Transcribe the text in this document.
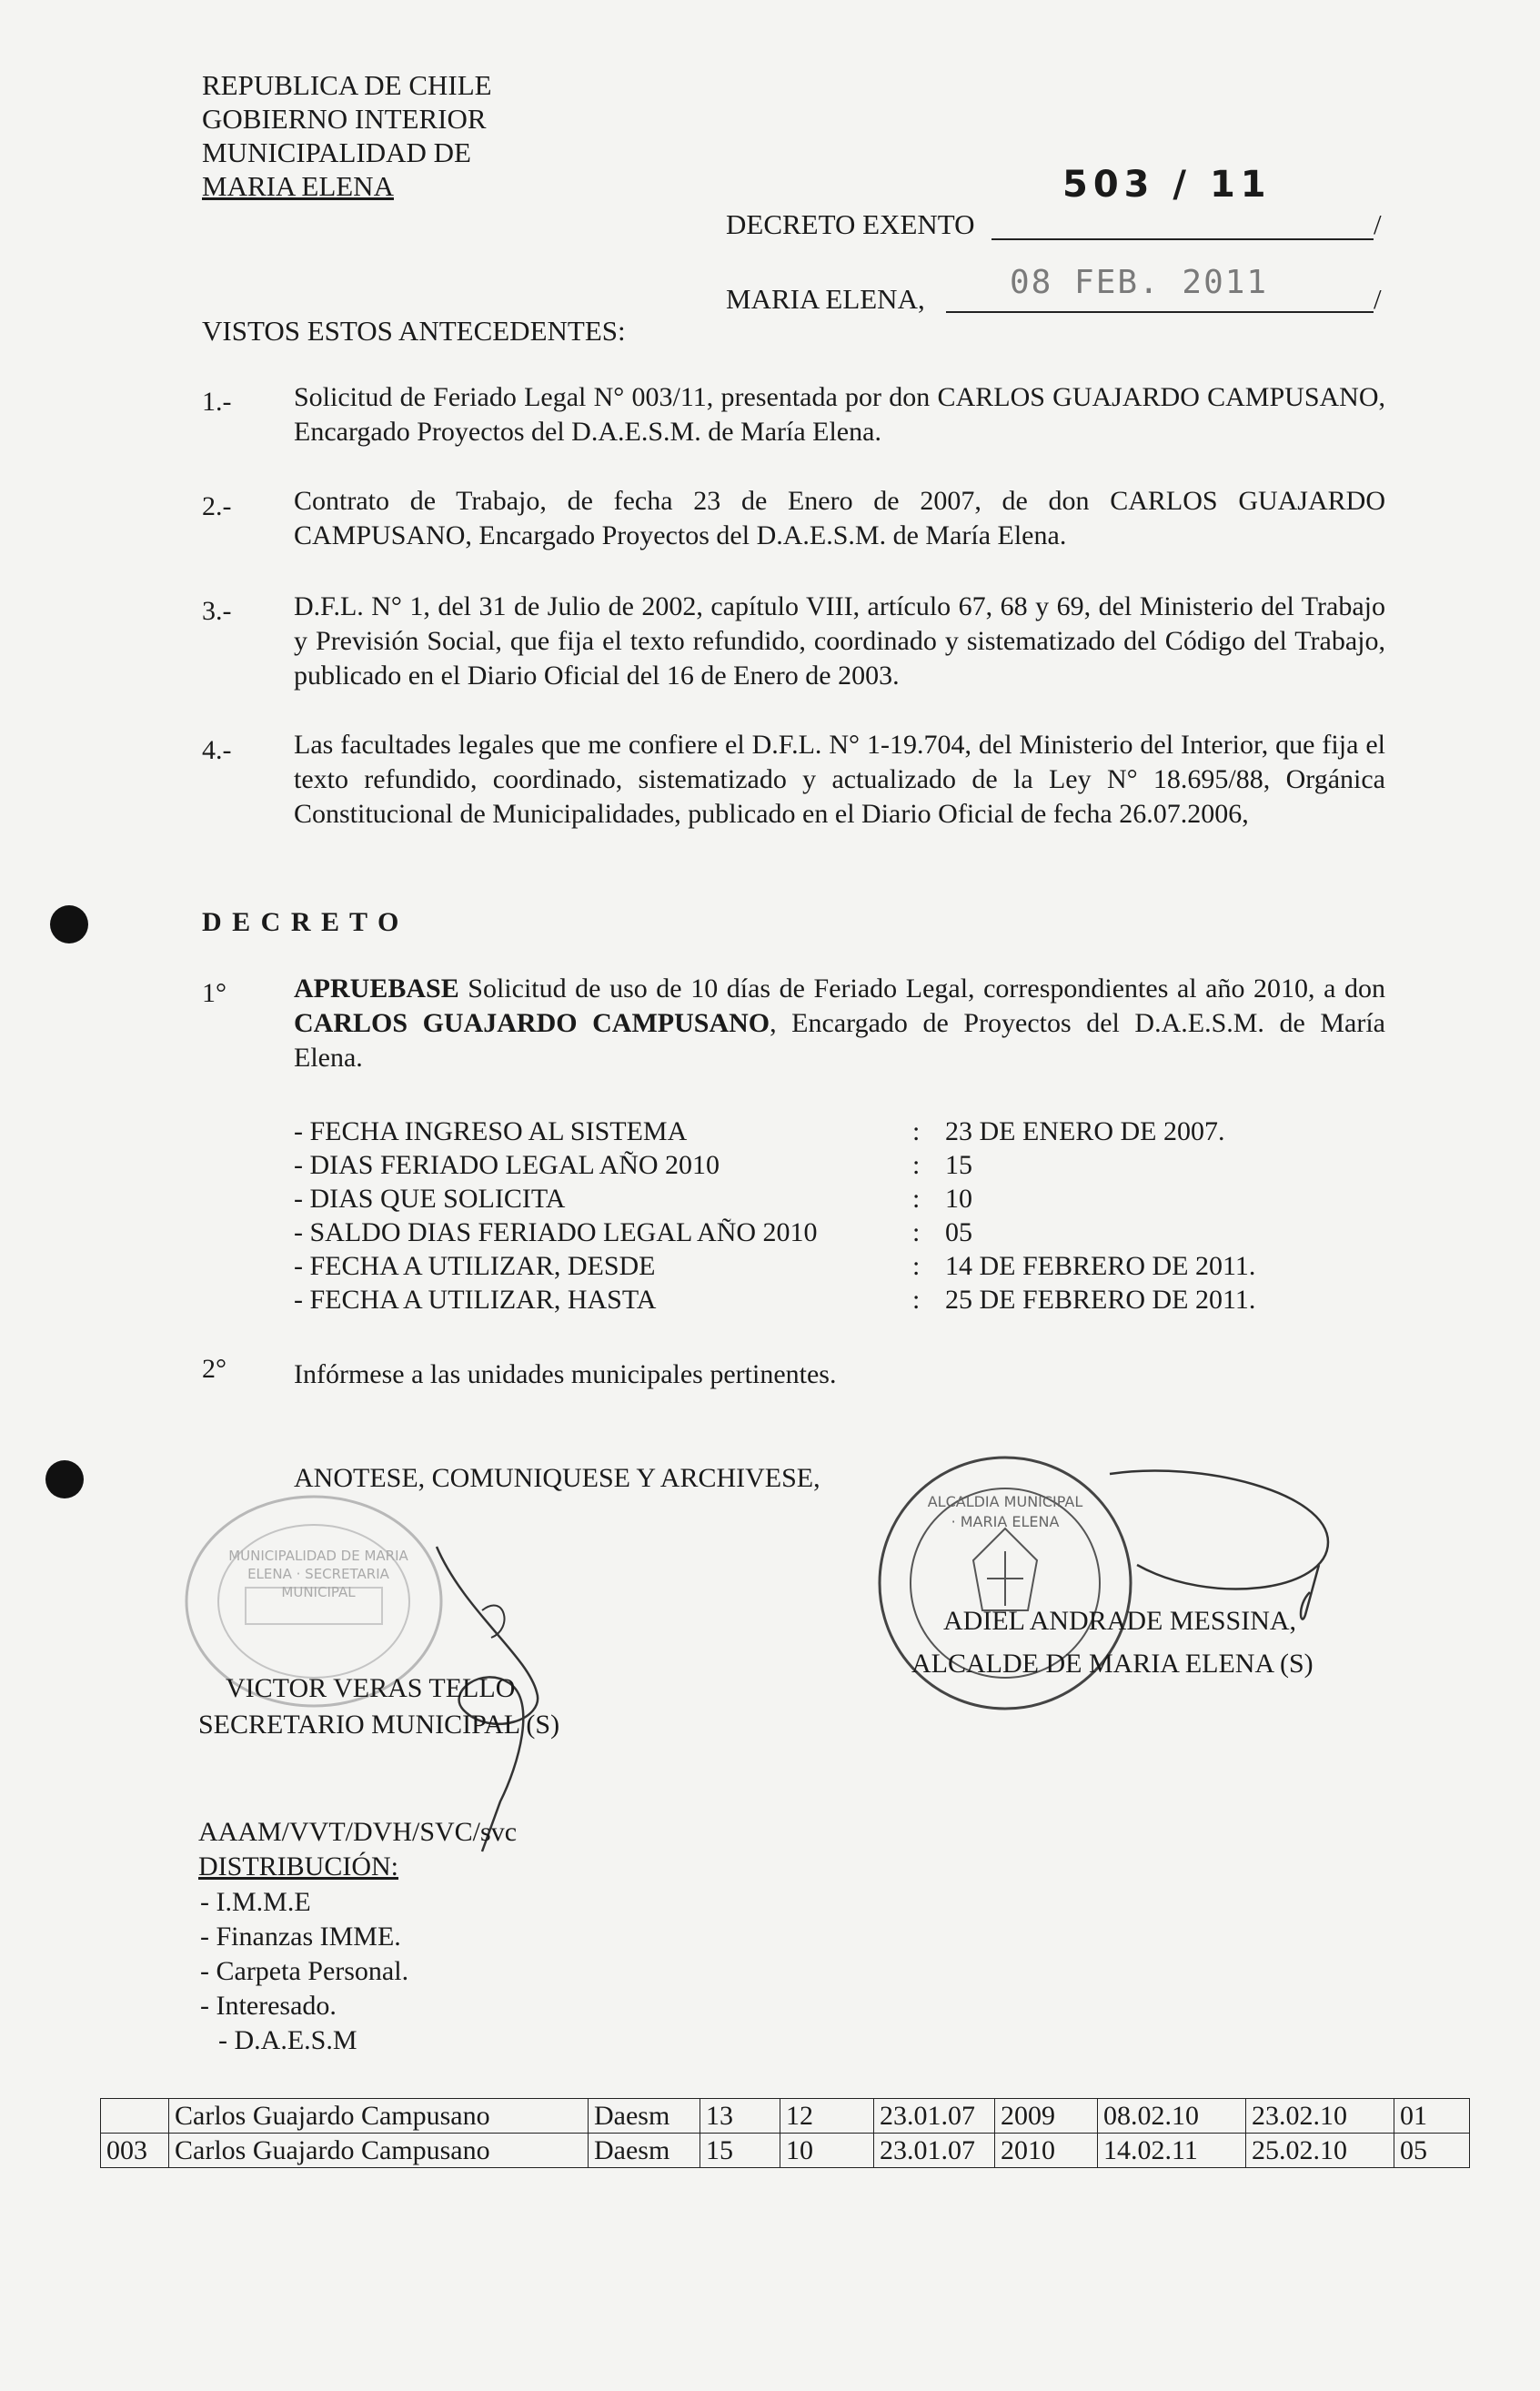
REPUBLICA DE CHILE
GOBIERNO INTERIOR
MUNICIPALIDAD DE
MARIA ELENA
DECRETO EXENTO	/
503 / 11
MARIA ELENA,	/
08 FEB. 2011
VISTOS ESTOS ANTECEDENTES:
1.- Solicitud de Feriado Legal N° 003/11, presentada por don CARLOS GUAJARDO CAMPUSANO, Encargado Proyectos del D.A.E.S.M. de María Elena.
2.- Contrato de Trabajo, de fecha 23 de Enero de 2007, de don CARLOS GUAJARDO CAMPUSANO, Encargado Proyectos del D.A.E.S.M. de María Elena.
3.- D.F.L. N° 1, del 31 de Julio de 2002, capítulo VIII, artículo 67, 68 y 69, del Ministerio del Trabajo y Previsión Social, que fija el texto refundido, coordinado y sistematizado del Código del Trabajo, publicado en el Diario Oficial del 16 de Enero de 2003.
4.- Las facultades legales que me confiere el D.F.L. N° 1-19.704, del Ministerio del Interior, que fija el texto refundido, coordinado, sistematizado y actualizado de la Ley N° 18.695/88, Orgánica Constitucional de Municipalidades, publicado en el Diario Oficial de fecha 26.07.2006,
D E C R E T O
1° APRUEBASE Solicitud de uso de 10 días de Feriado Legal, correspondientes al año 2010, a don CARLOS GUAJARDO CAMPUSANO, Encargado de Proyectos del D.A.E.S.M. de María Elena.
- FECHA INGRESO AL SISTEMA	: 23 DE ENERO DE 2007.
- DIAS FERIADO LEGAL AÑO 2010	: 15
- DIAS QUE SOLICITA	: 10
- SALDO DIAS FERIADO LEGAL AÑO 2010	: 05
- FECHA A UTILIZAR, DESDE	: 14 DE FEBRERO DE 2011.
- FECHA A UTILIZAR, HASTA	: 25 DE FEBRERO DE 2011.
2° Infórmese a las unidades municipales pertinentes.
ANOTESE, COMUNIQUESE Y ARCHIVESE,
MUNICIPALIDAD DE MARIA ELENA · SECRETARIA MUNICIPAL
VICTOR VERAS TELLO
SECRETARIO MUNICIPAL (S)
ALCALDIA MUNICIPAL · MARIA ELENA
ADIEL ANDRADE MESSINA,
ALCALDE DE MARIA ELENA (S)
AAAM/VVT/DVH/SVC/svc
DISTRIBUCIÓN:
- I.M.M.E
- Finanzas IMME.
- Carpeta Personal.
- Interesado.
- D.A.E.S.M
	Carlos Guajardo Campusano	Daesm	13	12	23.01.07	2009	08.02.10	23.02.10	01
003	Carlos Guajardo Campusano	Daesm	15	10	23.01.07	2010	14.02.11	25.02.10	05
